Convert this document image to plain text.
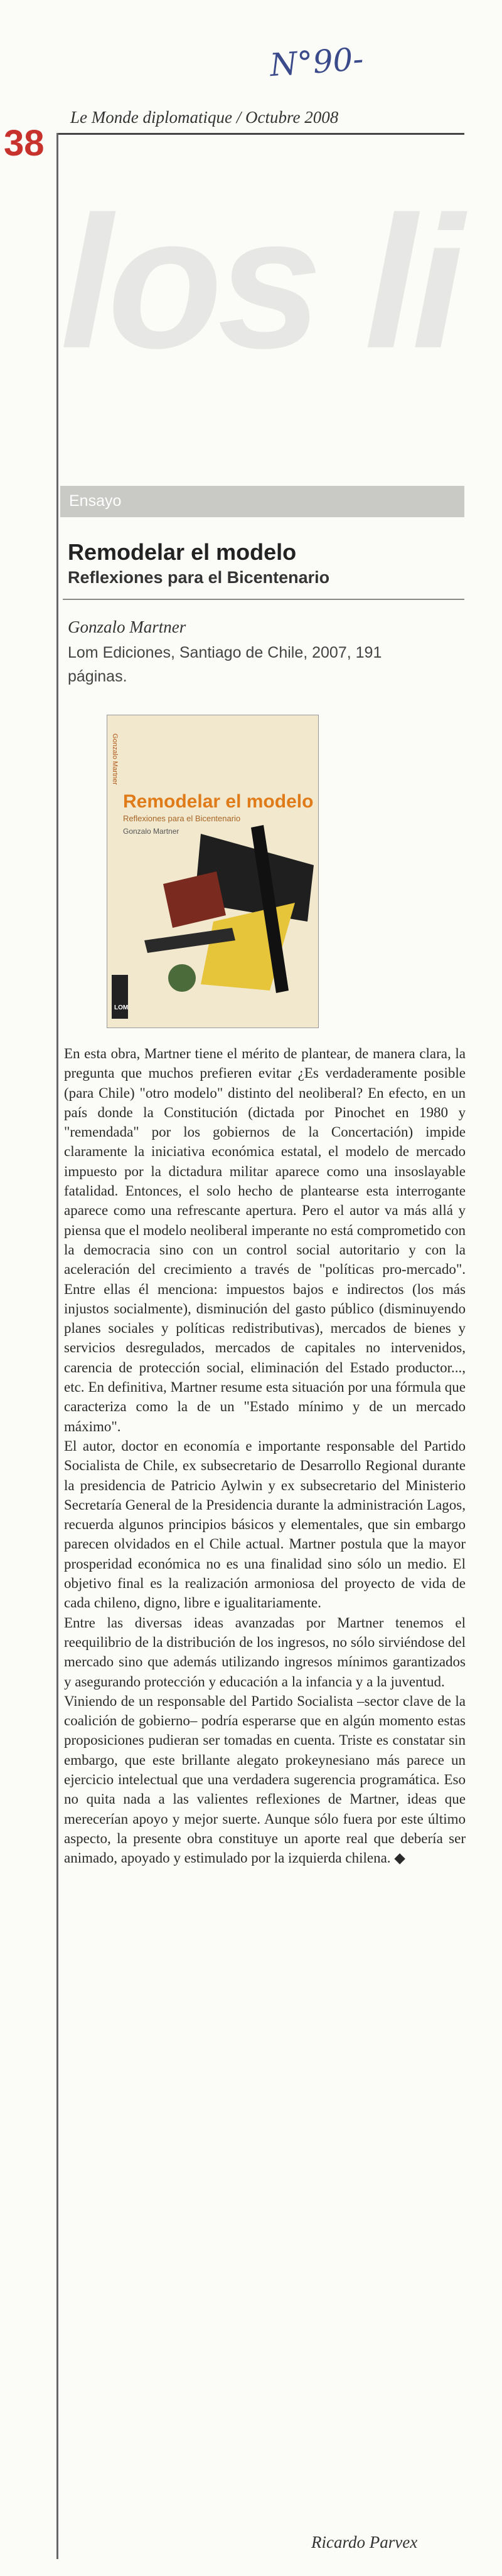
N°90-
38
Le Monde diplomatique / Octubre 2008
los li
Ensayo
Remodelar el modelo
Reflexiones para el Bicentenario
Gonzalo Martner
Lom Ediciones, Santiago de Chile, 2007, 191 páginas.
Gonzalo Martner
Remodelar el modelo
Reflexiones para el Bicentenario
Gonzalo Martner
LOM

En esta obra, Martner tiene el mérito de plantear, de manera clara, la pregunta que muchos prefieren evitar ¿Es verdaderamente posible (para Chile) "otro modelo" distinto del neoliberal? En efecto, en un país donde la Constitución (dictada por Pinochet en 1980 y "remendada" por los gobiernos de la Concertación) impide claramente la iniciativa económica estatal, el modelo de mercado impuesto por la dictadura militar aparece como una insoslayable fatalidad. Entonces, el solo hecho de plantearse esta interrogante aparece como una refrescante apertura. Pero el autor va más allá y piensa que el modelo neoliberal imperante no está comprometido con la democracia sino con un control social autoritario y con la aceleración del crecimiento a través de "políticas pro-mercado". Entre ellas él menciona: impuestos bajos e indirectos (los más injustos socialmente), disminución del gasto público (disminuyendo planes sociales y políticas redistributivas), mercados de bienes y servicios desregulados, mercados de capitales no intervenidos, carencia de protección social, eliminación del Estado productor..., etc. En definitiva, Martner resume esta situación por una fórmula que caracteriza como la de un "Estado mínimo y de un mercado máximo".

El autor, doctor en economía e importante responsable del Partido Socialista de Chile, ex subsecretario de Desarrollo Regional durante la presidencia de Patricio Aylwin y ex subsecretario del Ministerio Secretaría General de la Presidencia durante la administración Lagos, recuerda algunos principios básicos y elementales, que sin embargo parecen olvidados en el Chile actual. Martner postula que la mayor prosperidad económica no es una finalidad sino sólo un medio. El objetivo final es la realización armoniosa del proyecto de vida de cada chileno, digno, libre e igualitariamente.

Entre las diversas ideas avanzadas por Martner tenemos el reequilibrio de la distribución de los ingresos, no sólo sirviéndose del mercado sino que además utilizando ingresos mínimos garantizados y asegurando protección y educación a la infancia y a la juventud.

Viniendo de un responsable del Partido Socialista –sector clave de la coalición de gobierno– podría esperarse que en algún momento estas proposiciones pudieran ser tomadas en cuenta. Triste es constatar sin embargo, que este brillante alegato prokeynesiano más parece un ejercicio intelectual que una verdadera sugerencia programática. Eso no quita nada a las valientes reflexiones de Martner, ideas que merecerían apoyo y mejor suerte. Aunque sólo fuera por este último aspecto, la presente obra constituye un aporte real que debería ser animado, apoyado y estimulado por la izquierda chilena. ◆

Ricardo Parvex
